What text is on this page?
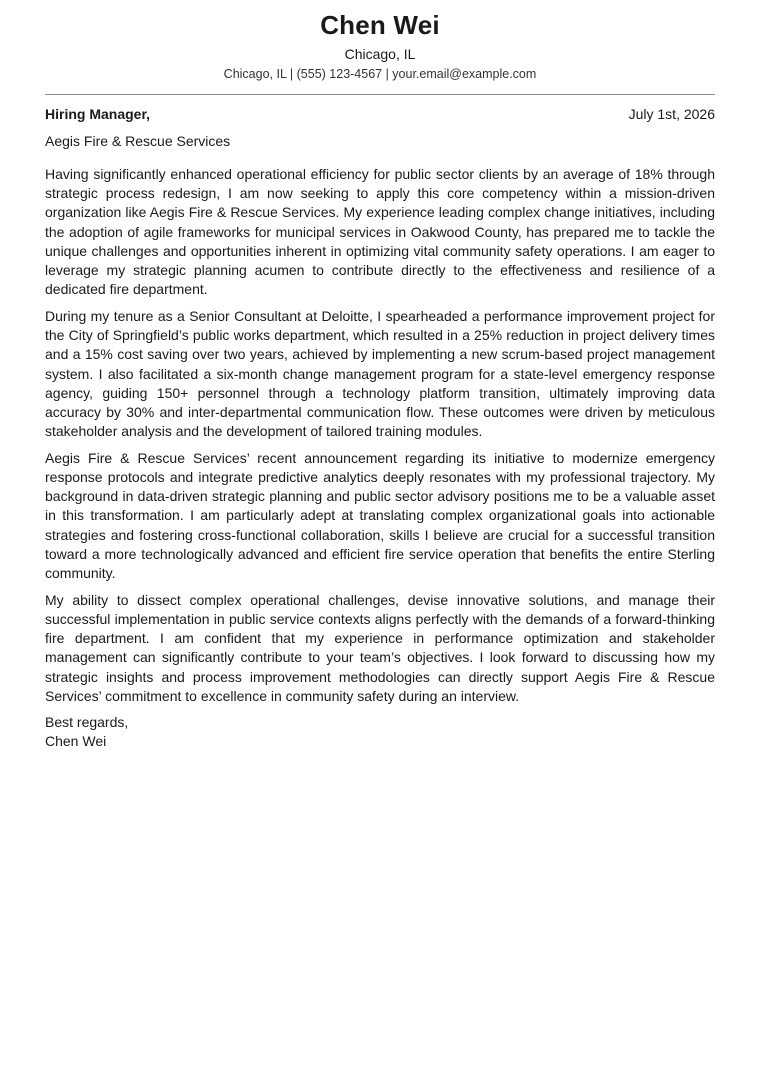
Chen Wei
Chicago, IL
Chicago, IL | (555) 123-4567 | your.email@example.com
Hiring Manager,	July 1st, 2026
Aegis Fire & Rescue Services

Having significantly enhanced operational efficiency for public sector clients by an average of 18% through strategic process redesign, I am now seeking to apply this core competency within a mission-driven organization like Aegis Fire & Rescue Services. My experience leading complex change initiatives, including the adoption of agile frameworks for municipal services in Oakwood County, has prepared me to tackle the unique challenges and opportunities inherent in optimizing vital community safety operations. I am eager to leverage my strategic planning acumen to contribute directly to the effectiveness and resilience of a dedicated fire department.

During my tenure as a Senior Consultant at Deloitte, I spearheaded a performance improvement project for the City of Springfield’s public works department, which resulted in a 25% reduction in project delivery times and a 15% cost saving over two years, achieved by implementing a new scrum-based project management system. I also facilitated a six-month change management program for a state-level emergency response agency, guiding 150+ personnel through a technology platform transition, ultimately improving data accuracy by 30% and inter-departmental communication flow. These outcomes were driven by meticulous stakeholder analysis and the development of tailored training modules.

Aegis Fire & Rescue Services’ recent announcement regarding its initiative to modernize emergency response protocols and integrate predictive analytics deeply resonates with my professional trajectory. My background in data-driven strategic planning and public sector advisory positions me to be a valuable asset in this transformation. I am particularly adept at translating complex organizational goals into actionable strategies and fostering cross-functional collaboration, skills I believe are crucial for a successful transition toward a more technologically advanced and efficient fire service operation that benefits the entire Sterling community.

My ability to dissect complex operational challenges, devise innovative solutions, and manage their successful implementation in public service contexts aligns perfectly with the demands of a forward-thinking fire department. I am confident that my experience in performance optimization and stakeholder management can significantly contribute to your team’s objectives. I look forward to discussing how my strategic insights and process improvement methodologies can directly support Aegis Fire & Rescue Services’ commitment to excellence in community safety during an interview.

Best regards,
Chen Wei
